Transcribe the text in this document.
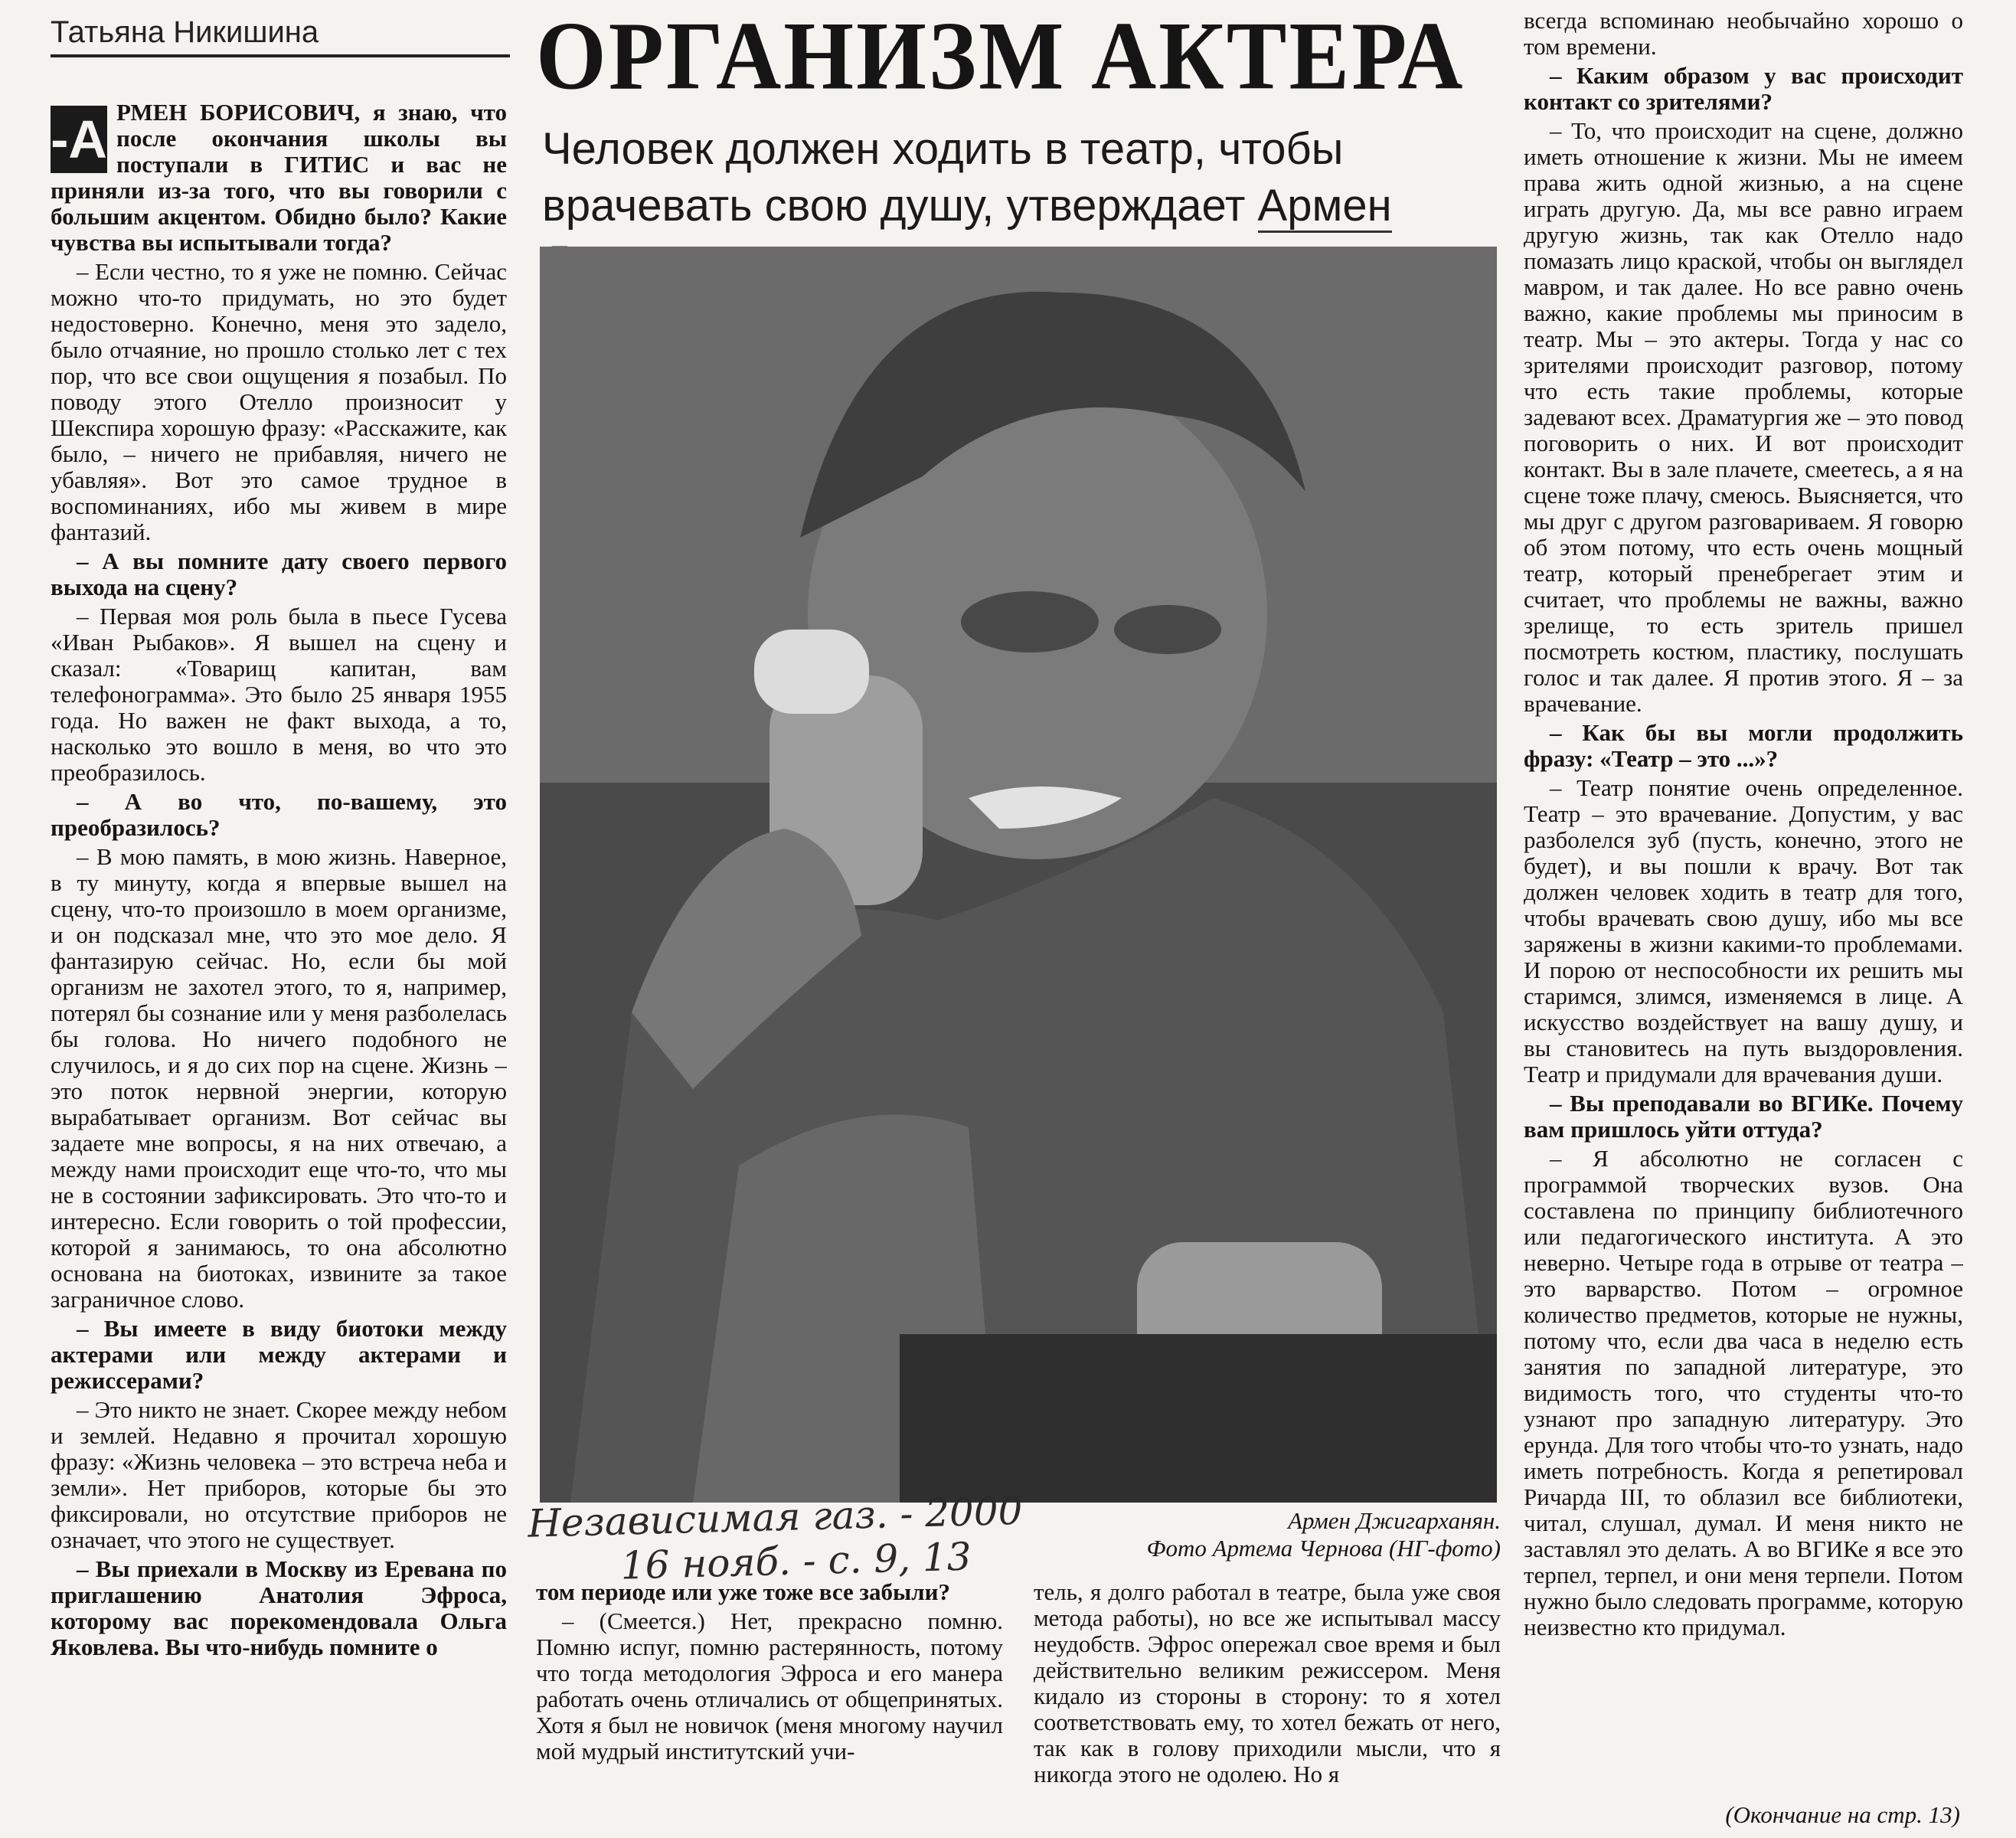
Татьяна Никишина	ОРГАНИЗМ АКТЕРА
Человек должен ходить в театр, чтобы врачевать свою душу, утверждает Армен

-А РМЕН БОРИСОВИЧ, я знаю, что после окончания школы вы поступали в ГИТИС и вас не приняли из-за того, что вы говорили с большим акцентом. Обидно было? Какие чувства вы испытывали тогда?

– Если честно, то я уже не помню. Сейчас можно что-то придумать, но это будет недостоверно. Конечно, меня это задело, было отчаяние, но прошло столько лет с тех пор, что все свои ощущения я позабыл. По поводу этого Отелло произносит у Шекспира хорошую фразу: «Расскажите, как было, – ничего не прибавляя, ничего не убавляя». Вот это самое трудное в воспоминаниях, ибо мы живем в мире фантазий.

– А вы помните дату своего первого выхода на сцену?

– Первая моя роль была в пьесе Гусева «Иван Рыбаков». Я вышел на сцену и сказал: «Товарищ капитан, вам телефонограмма». Это было 25 января 1955 года. Но важен не факт выхода, а то, насколько это вошло в меня, во что это преобразилось.

– А во что, по-вашему, это преобразилось?

– В мою память, в мою жизнь. Наверное, в ту минуту, когда я впервые вышел на сцену, что-то произошло в моем организме, и он подсказал мне, что это мое дело. Я фантазирую сейчас. Но, если бы мой организм не захотел этого, то я, например, потерял бы сознание или у меня разболелась бы голова. Но ничего подобного не случилось, и я до сих пор на сцене. Жизнь – это поток нервной энергии, которую вырабатывает организм. Вот сейчас вы задаете мне вопросы, я на них отвечаю, а между нами происходит еще что-то, что мы не в состоянии зафиксировать. Это что-то и интересно. Если говорить о той профессии, которой я занимаюсь, то она абсолютно основана на биотоках, извините за такое заграничное слово.

– Вы имеете в виду биотоки между актерами или между актерами и режиссерами?

– Это никто не знает. Скорее между небом и землей. Недавно я прочитал хорошую фразу: «Жизнь человека – это встреча неба и земли». Нет приборов, которые бы это фиксировали, но отсутствие приборов не означает, что этого не существует.

– Вы приехали в Москву из Еревана по приглашению Анатолия Эфроса, которому вас порекомендовала Ольга Яковлева. Вы что-нибудь помните о

Независимая газ. - 2000
16 нояб. - с. 9, 13
Армен Джигарханян.
Фото Артема Чернова (НГ-фото)

том периоде или уже тоже все забыли?

– (Смеется.) Нет, прекрасно помню. Помню испуг, помню растерянность, потому что тогда методология Эфроса и его манера работать очень отличались от общепринятых. Хотя я был не новичок (меня многому научил мой мудрый институтский учи-

тель, я долго работал в театре, была уже своя метода работы), но все же испытывал массу неудобств. Эфрос опережал свое время и был действительно великим режиссером. Меня кидало из стороны в сторону: то я хотел соответствовать ему, то хотел бежать от него, так как в голову приходили мысли, что я никогда этого не одолею. Но я

всегда вспоминаю необычайно хорошо о том времени.

– Каким образом у вас происходит контакт со зрителями?

– То, что происходит на сцене, должно иметь отношение к жизни. Мы не имеем права жить одной жизнью, а на сцене играть другую. Да, мы все равно играем другую жизнь, так как Отелло надо помазать лицо краской, чтобы он выглядел мавром, и так далее. Но все равно очень важно, какие проблемы мы приносим в театр. Мы – это актеры. Тогда у нас со зрителями происходит разговор, потому что есть такие проблемы, которые задевают всех. Драматургия же – это повод поговорить о них. И вот происходит контакт. Вы в зале плачете, смеетесь, а я на сцене тоже плачу, смеюсь. Выясняется, что мы друг с другом разговариваем. Я говорю об этом потому, что есть очень мощный театр, который пренебрегает этим и считает, что проблемы не важны, важно зрелище, то есть зритель пришел посмотреть костюм, пластику, послушать голос и так далее. Я против этого. Я – за врачевание.

– Как бы вы могли продолжить фразу: «Театр – это ...»?

– Театр понятие очень определенное. Театр – это врачевание. Допустим, у вас разболелся зуб (пусть, конечно, этого не будет), и вы пошли к врачу. Вот так должен человек ходить в театр для того, чтобы врачевать свою душу, ибо мы все заряжены в жизни какими-то проблемами. И порою от неспособности их решить мы старимся, злимся, изменяемся в лице. А искусство воздействует на вашу душу, и вы становитесь на путь выздоровления. Театр и придумали для врачевания души.

– Вы преподавали во ВГИКе. Почему вам пришлось уйти оттуда?

– Я абсолютно не согласен с программой творческих вузов. Она составлена по принципу библиотечного или педагогического института. А это неверно. Четыре года в отрыве от театра – это варварство. Потом – огромное количество предметов, которые не нужны, потому что, если два часа в неделю есть занятия по западной литературе, это видимость того, что студенты что-то узнают про западную литературу. Это ерунда. Для того чтобы что-то узнать, надо иметь потребность. Когда я репетировал Ричарда III, то облазил все библиотеки, читал, слушал, думал. И меня никто не заставлял это делать. А во ВГИКе я все это терпел, терпел, и они меня терпели. Потом нужно было следовать программе, которую неизвестно кто придумал.

(Окончание на стр. 13)
